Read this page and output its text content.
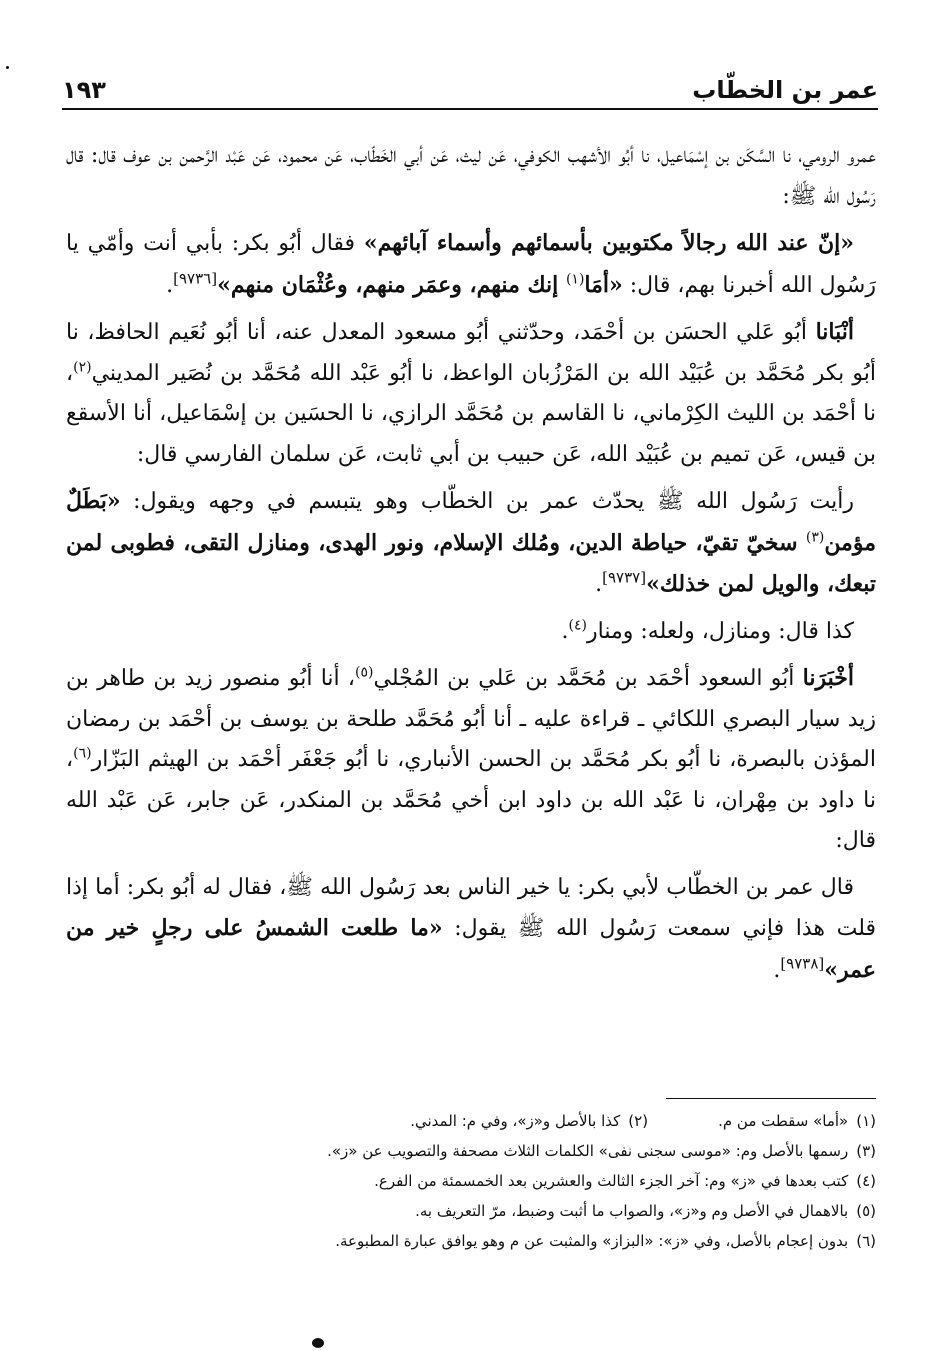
عمر بن الخطّاب
١٩٣

عمرو الرومي، نا السَّكَن بن إسْمَاعيل، نا أبُو الأشهب الكوفي، عَن ليث، عَن أبي الخَطّاب، عَن محمود، عَن عَبْد الرَّحمن بن عوف قال: قال رَسُول الله ﷺ:

«إنّ عند الله رجالاً مكتوبين بأسمائهم وأسماء آبائهم» فقال أبُو بكر: بأبي أنت وأمّي يا رَسُول الله أخبرنا بهم، قال: «أمَا$^{(١)}$ إنك منهم، وعمَر منهم، وعُثْمَان منهم»[٩٧٣٦].

أنْبَانا أبُو عَلي الحسَن بن أحْمَد، وحدّثني أبُو مسعود المعدل عنه، أنا أبُو نُعَيم الحافظ، نا أبُو بكر مُحَمَّد بن عُبَيْد الله بن المَرْزُبان الواعظ، نا أبُو عَبْد الله مُحَمَّد بن نُصَير المديني$^{(٢)}$، نا أحْمَد بن الليث الكِرْماني، نا القاسم بن مُحَمَّد الرازي، نا الحسَين بن إسْمَاعيل، أنا الأسقع بن قيس، عَن تميم بن عُبَيْد الله، عَن حبيب بن أبي ثابت، عَن سلمان الفارسي قال:

رأيت رَسُول الله ﷺ يحدّث عمر بن الخطّاب وهو يتبسم في وجهه ويقول: «بَطَلٌ مؤمن$^{(٣)}$ سخيّ تقيّ، حياطة الدين، ومُلك الإسلام، ونور الهدى، ومنازل التقى، فطوبى لمن تبعك، والويل لمن خذلك»[٩٧٣٧].

كذا قال: ومنازل، ولعله: ومنار$^{(٤)}$.

أخْبَرَنا أبُو السعود أحْمَد بن مُحَمَّد بن عَلي بن المُجْلي$^{(٥)}$، أنا أبُو منصور زيد بن طاهر بن زيد سيار البصري اللكائي ـ قراءة عليه ـ أنا أبُو مُحَمَّد طلحة بن يوسف بن أحْمَد بن رمضان المؤذن بالبصرة، نا أبُو بكر مُحَمَّد بن الحسن الأنباري، نا أبُو جَعْفَر أحْمَد بن الهيثم البَزّار$^{(٦)}$، نا داود بن مِهْران، نا عَبْد الله بن داود ابن أخي مُحَمَّد بن المنكدر، عَن جابر، عَن عَبْد الله قال:

قال عمر بن الخطّاب لأبي بكر: يا خير الناس بعد رَسُول الله ﷺ، فقال له أبُو بكر: أما إذا قلت هذا فإني سمعت رَسُول الله ﷺ يقول: «ما طلعت الشمسُ على رجلٍ خير من عمر»[٩٧٣٨].

(١)
«أما» سقطت من م.
(٢)
كذا بالأصل و«ز»، وفي م: المدني.
(٣)
رسمها بالأصل وم: «موسى سجنى نفى» الكلمات الثلاث مصحفة والتصويب عن «ز».
(٤)
كتب بعدها في «ز» وم: آخر الجزء الثالث والعشرين بعد الخمسمئة من الفرع.
(٥)
بالاهمال في الأصل وم و«ز»، والصواب ما أثبت وضبط، مرّ التعريف به.
(٦)
بدون إعجام بالأصل، وفي «ز»: «البزاز» والمثبت عن م وهو يوافق عبارة المطبوعة.
